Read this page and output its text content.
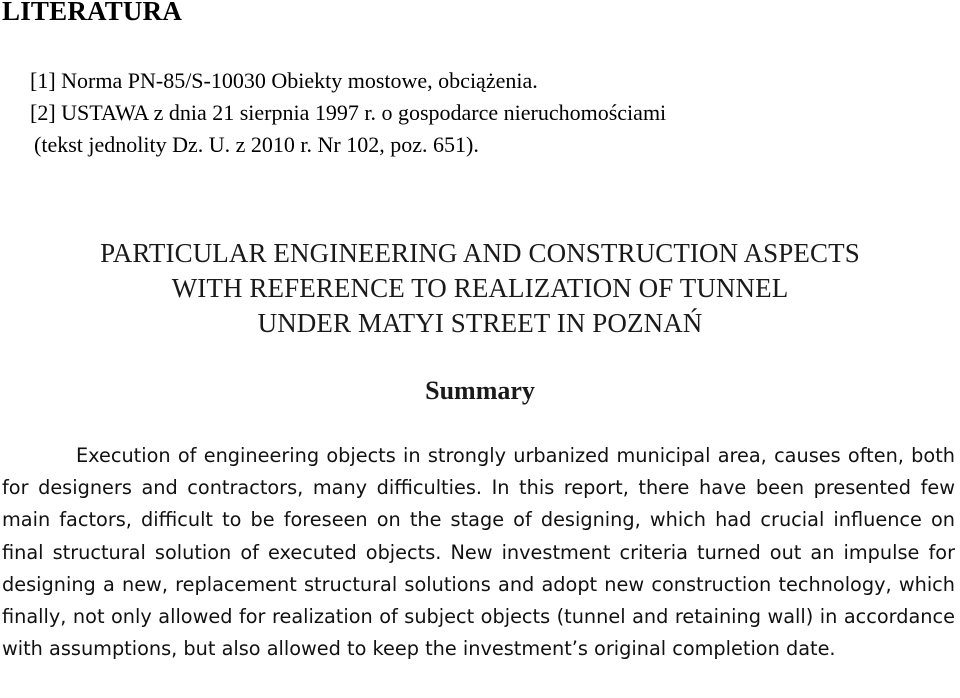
LITERATURA
[1] Norma PN-85/S-10030 Obiekty mostowe, obciążenia.
[2] USTAWA z dnia 21 sierpnia 1997 r. o gospodarce nieruchomościami
(tekst jednolity Dz. U. z 2010 r. Nr 102, poz. 651).
PARTICULAR ENGINEERING AND CONSTRUCTION ASPECTS
WITH REFERENCE TO REALIZATION OF TUNNEL
UNDER MATYI STREET IN POZNAŃ
Summary

Execution of engineering objects in strongly urbanized municipal area, causes often, both for designers and contractors, many difficulties. In this report, there have been presented few main factors, difficult to be foreseen on the stage of designing, which had crucial influence on final structural solution of executed objects. New investment criteria turned out an impulse for designing a new, replacement structural solutions and adopt new construction technology, which finally, not only allowed for realization of subject objects (tunnel and retaining wall) in accordance with assumptions, but also allowed to keep the investment’s original completion date.
